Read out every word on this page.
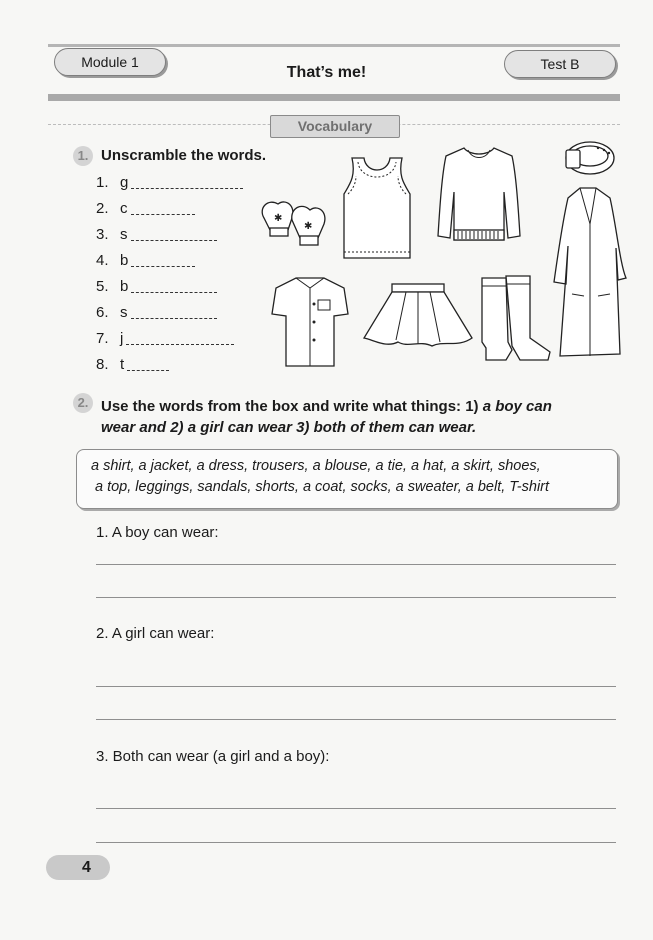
Module 1
That’s me!	Test B
Vocabulary
1. Unscramble the words.
1. g
2. c
3. s
4. b
5. b
6. s
7. j
8. t
✱
✱
2. Use the words from the box and write what things: 1) a boy can
wear and 2) a girl can wear 3) both of them can wear.
a shirt, a jacket, a dress, trousers, a blouse, a tie, a hat, a skirt, shoes,
a top, leggings, sandals, shorts, a coat, socks, a sweater, a belt, T-shirt
1. A boy can wear:
2. A girl can wear:
3. Both can wear (a girl and a boy):
4
